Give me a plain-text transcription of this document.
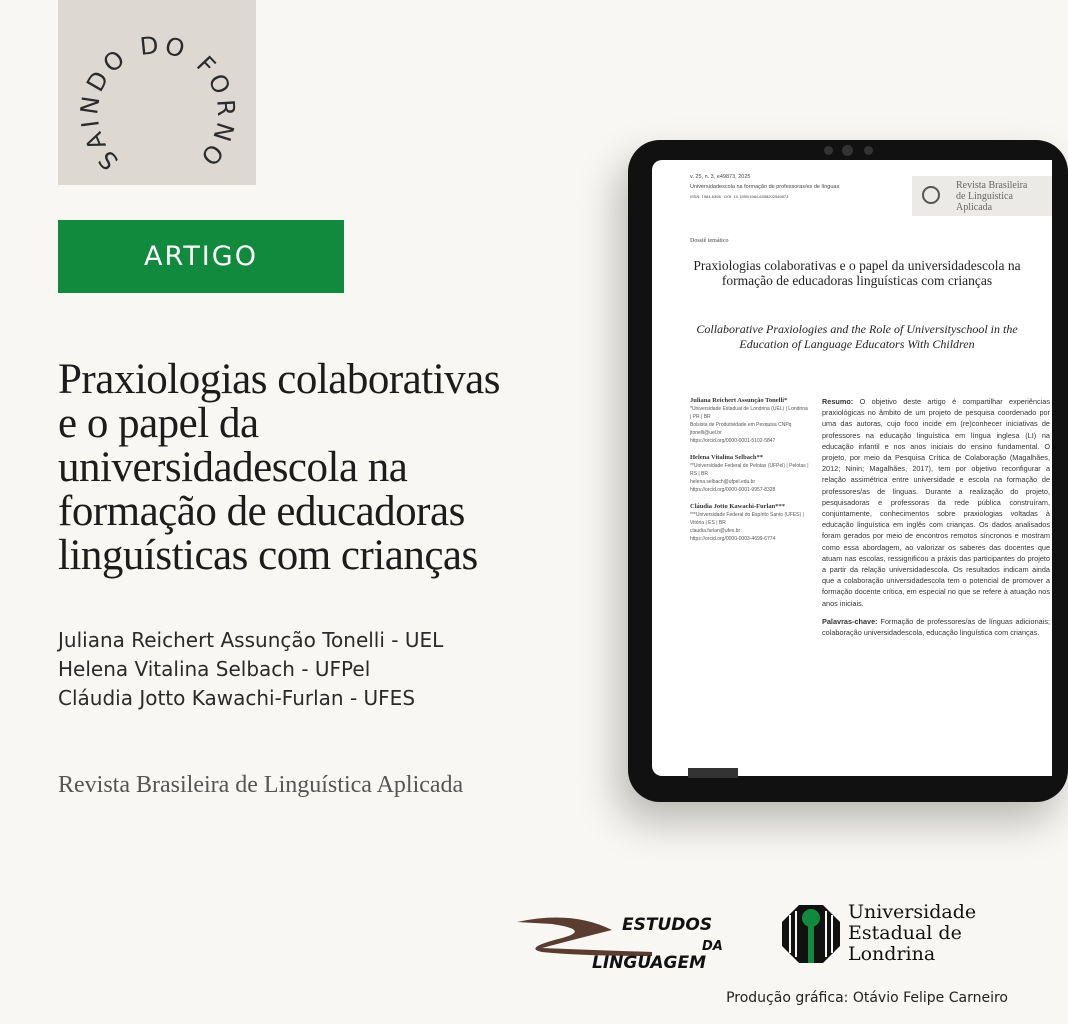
SAINDO DO FORNO
ARTIGO
Praxiologias colaborativas e o papel da universidadescola na formação de educadoras linguísticas com crianças
Juliana Reichert Assunção Tonelli - UEL
Helena Vitalina Selbach - UFPel
Cláudia Jotto Kawachi-Furlan - UFES
Revista Brasileira de Linguística Aplicada
v. 25, n. 3, e49873, 2025
Universidadescola na formação de professoras/es de línguas
ISSN: 1984-6398 · DOI: 10.1590/1984-6398202549873
Revista Brasileira
de Linguística
Aplicada
Dossiê temático
Praxiologias colaborativas e o papel da universidadescola na formação de educadoras linguísticas com crianças
Collaborative Praxiologies and the Role of Universityschool in the Education of Language Educators With Children
Juliana Reichert Assunção Tonelli*
*Universidade Estadual de Londrina (UEL) | Londrina | PR | BR
Bolsista de Produtividade em Pesquisa CNPq
jtonelli@uel.br
https://orcid.org/0000-0001-5102-5847
Helena Vitalina Selbach**
**Universidade Federal de Pelotas (UFPel) | Pelotas | RS | BR
helena.selbach@ufpel.edu.br
https://orcid.org/0000-0001-9957-8328
Cláudia Jotto Kawachi-Furlan***
***Universidade Federal do Espírito Santo (UFES) | Vitória | ES | BR
claudia.furlan@ufes.br
https://orcid.org/0000-0003-4699-6774

Resumo: O objetivo deste artigo é compartilhar experiências praxiológicas no âmbito de um projeto de pesquisa coordenado por uma das autoras, cujo foco incide em (re)conhecer iniciativas de professores na educação linguística em língua inglesa (LI) na educação infantil e nos anos iniciais do ensino fundamental. O projeto, por meio da Pesquisa Crítica de Colaboração (Magalhães, 2012; Ninin; Magalhães, 2017), tem por objetivo reconfigurar a relação assimétrica entre universidade e escola na formação de professores/as de línguas. Durante a realização do projeto, pesquisadoras e professoras da rede pública construíram, conjuntamente, conhecimentos sobre praxiologias voltadas à educação linguística em inglês com crianças. Os dados analisados foram gerados por meio de encontros remotos síncronos e mostram como essa abordagem, ao valorizar os saberes das docentes que atuam nas escolas, ressignificou a práxis das participantes do projeto a partir da relação universidadescola. Os resultados indicam ainda que a colaboração universidadescola tem o potencial de promover a formação docente crítica, em especial no que se refere à atuação nos anos iniciais.

Palavras-chave: Formação de professores/as de línguas adicionais; colaboração universidadescola, educação linguística com crianças.

ESTUDOS
DA
LINGUAGEM
Universidade
Estadual de Londrina
Produção gráfica: Otávio Felipe Carneiro
